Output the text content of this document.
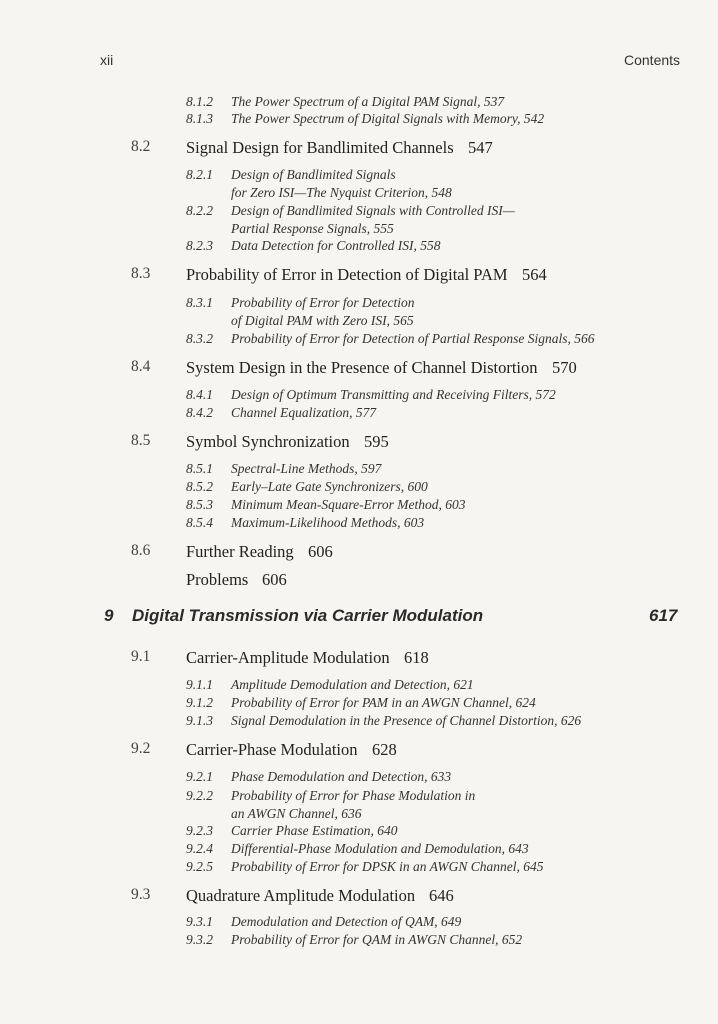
xii	Contents
8.1.2 The Power Spectrum of a Digital PAM Signal, 537
8.1.3 The Power Spectrum of Digital Signals with Memory, 542
8.2 Signal Design for Bandlimited Channels 547
8.2.1 Design of Bandlimited Signals
for Zero ISI—The Nyquist Criterion, 548
8.2.2 Design of Bandlimited Signals with Controlled ISI—
Partial Response Signals, 555
8.2.3 Data Detection for Controlled ISI, 558
8.3 Probability of Error in Detection of Digital PAM 564
8.3.1 Probability of Error for Detection
of Digital PAM with Zero ISI, 565
8.3.2 Probability of Error for Detection of Partial Response Signals, 566
8.4 System Design in the Presence of Channel Distortion 570
8.4.1 Design of Optimum Transmitting and Receiving Filters, 572
8.4.2 Channel Equalization, 577
8.5 Symbol Synchronization 595
8.5.1 Spectral-Line Methods, 597
8.5.2 Early–Late Gate Synchronizers, 600
8.5.3 Minimum Mean-Square-Error Method, 603
8.5.4 Maximum-Likelihood Methods, 603
8.6 Further Reading 606
Problems 606
9 Digital Transmission via Carrier Modulation	617
9.1 Carrier-Amplitude Modulation 618
9.1.1 Amplitude Demodulation and Detection, 621
9.1.2 Probability of Error for PAM in an AWGN Channel, 624
9.1.3 Signal Demodulation in the Presence of Channel Distortion, 626
9.2 Carrier-Phase Modulation 628
9.2.1 Phase Demodulation and Detection, 633
9.2.2 Probability of Error for Phase Modulation in
an AWGN Channel, 636
9.2.3 Carrier Phase Estimation, 640
9.2.4 Differential-Phase Modulation and Demodulation, 643
9.2.5 Probability of Error for DPSK in an AWGN Channel, 645
9.3 Quadrature Amplitude Modulation 646
9.3.1 Demodulation and Detection of QAM, 649
9.3.2 Probability of Error for QAM in AWGN Channel, 652
